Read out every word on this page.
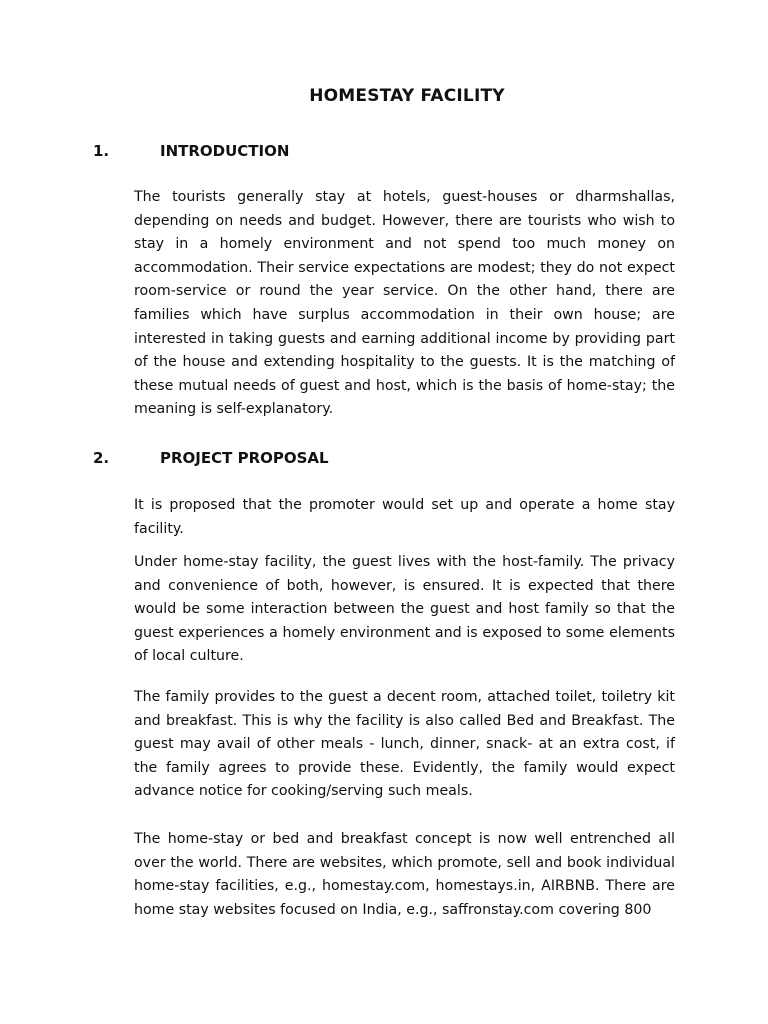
HOMESTAY FACILITY
1.	INTRODUCTION

The tourists generally stay at hotels, guest-houses or dharmshallas, depending on needs and budget. However, there are tourists who wish to stay in a homely environment and not spend too much money on accommodation. Their service expectations are modest; they do not expect room-service or round the year service. On the other hand, there are families which have surplus accommodation in their own house; are interested in taking guests and earning additional income by providing part of the house and extending hospitality to the guests. It is the matching of these mutual needs of guest and host, which is the basis of home-stay; the meaning is self-explanatory.

2.	PROJECT PROPOSAL

It is proposed that the promoter would set up and operate a home stay facility.

Under home-stay facility, the guest lives with the host-family. The privacy and convenience of both, however, is ensured. It is expected that there would be some interaction between the guest and host family so that the guest experiences a homely environment and is exposed to some elements of local culture.

The family provides to the guest a decent room, attached toilet, toiletry kit and breakfast. This is why the facility is also called Bed and Breakfast. The guest may avail of other meals - lunch, dinner, snack- at an extra cost, if the family agrees to provide these. Evidently, the family would expect advance notice for cooking/serving such meals.

The home-stay or bed and breakfast concept is now well entrenched all over the world. There are websites, which promote, sell and book individual home-stay facilities, e.g., homestay.com, homestays.in, AIRBNB. There are home stay websites focused on India, e.g., saffronstay.com covering 800
